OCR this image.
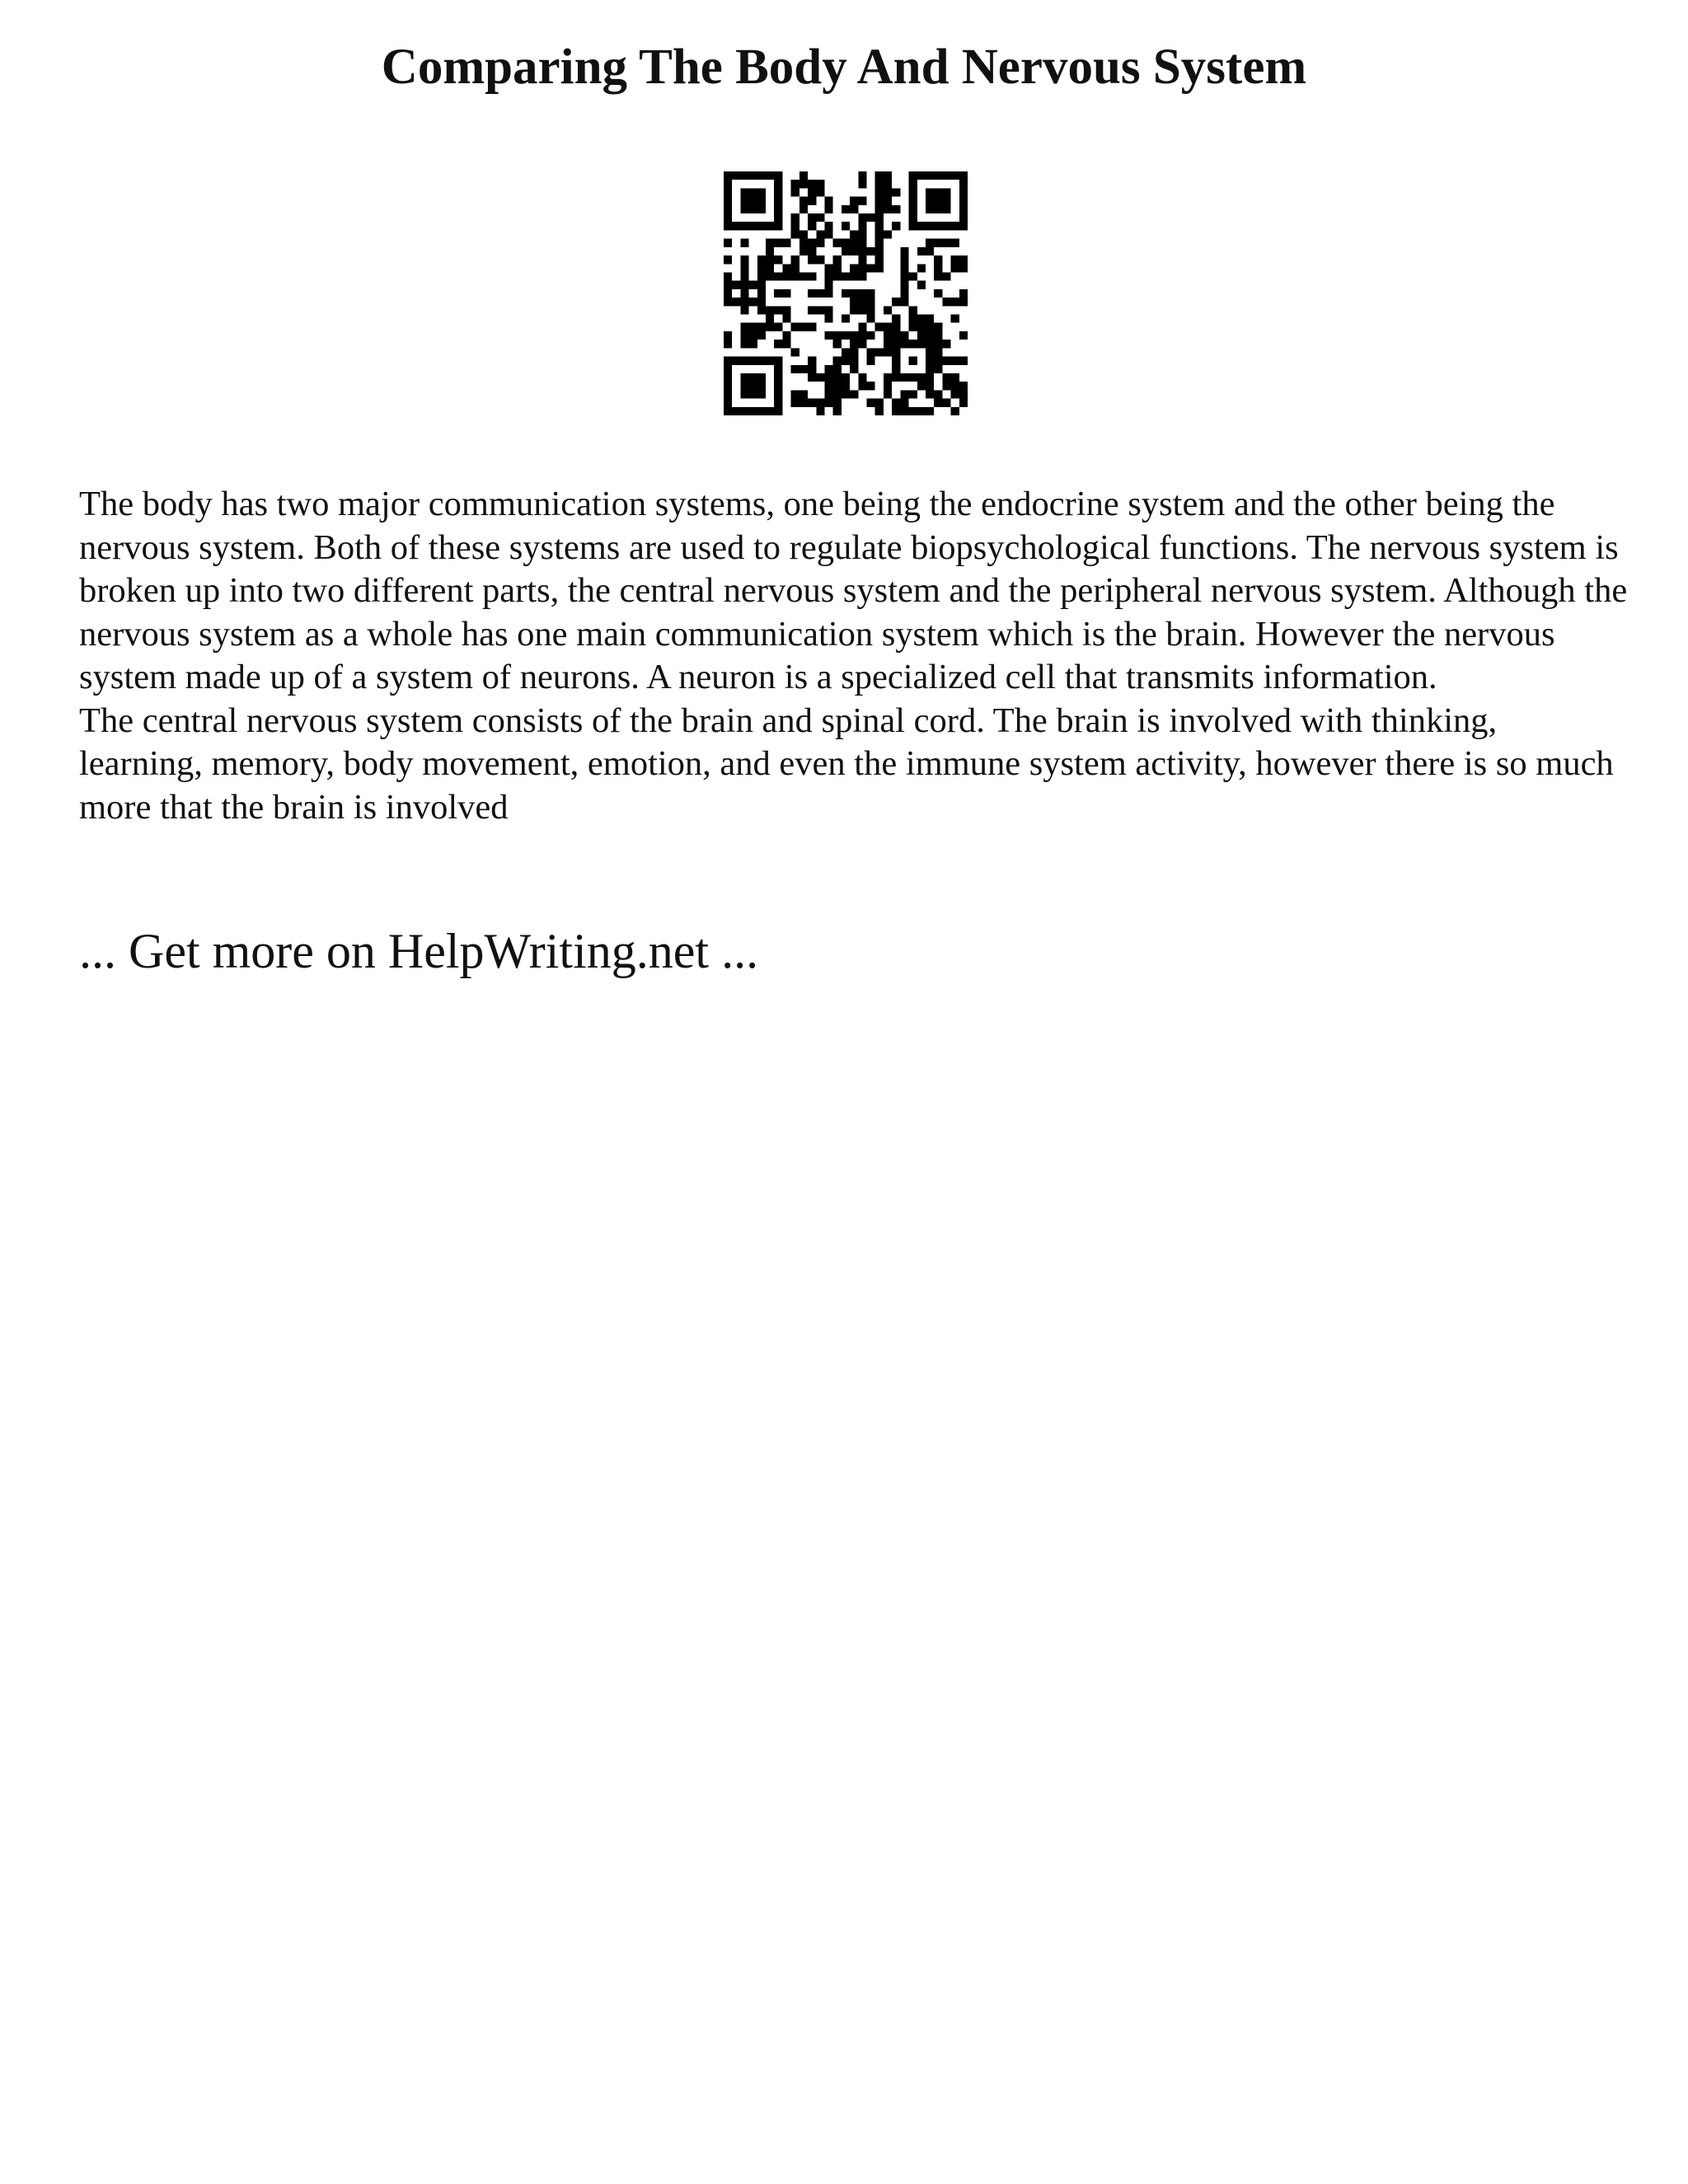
Comparing The Body And Nervous System

The body has two major communication systems, one being the endocrine system and the other being the nervous system. Both of these systems are used to regulate biopsychological functions. The nervous system is broken up into two different parts, the central nervous system and the peripheral nervous system. Although the nervous system as a whole has one main communication system which is the brain. However the nervous system made up of a system of neurons. A neuron is a specialized cell that transmits information.

The central nervous system consists of the brain and spinal cord. The brain is involved with thinking, learning, memory, body movement, emotion, and even the immune system activity, however there is so much more that the brain is involved

... Get more on HelpWriting.net ...
